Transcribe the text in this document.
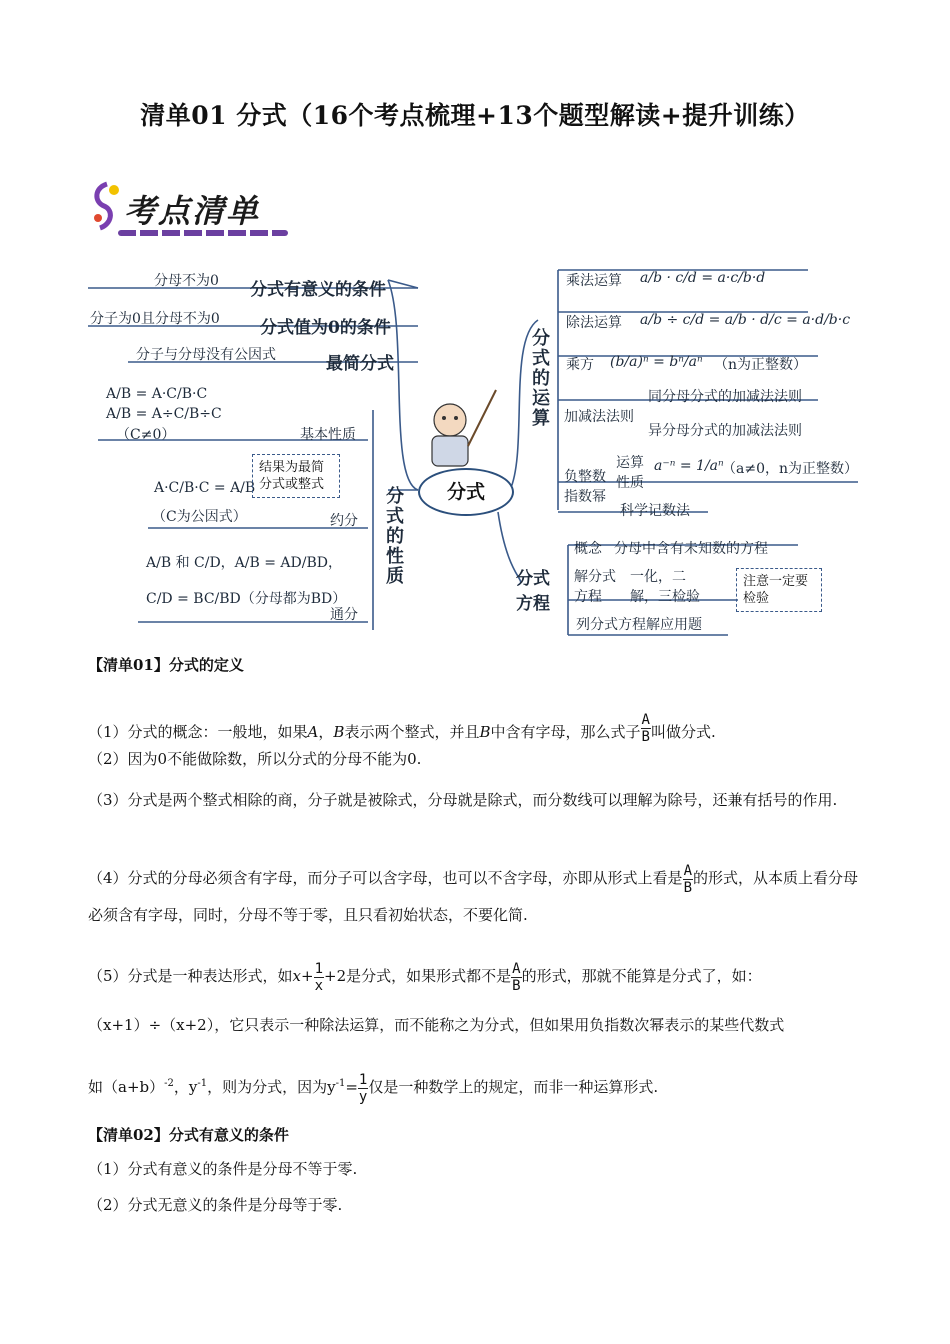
清单01 分式（16个考点梳理+13个题型解读+提升训练）
考点清单
分母不为0 分式有意义的条件
分子为0且分母不为0 分式值为0的条件
分子与分母没有公因式	最简分式
A/B = A·C/B·C
A/B = A÷C/B÷C
（C≠0）	基本性质
A·C/B·C = A/B
（C为公因式）
结果为最简分式或整式
约分
A/B 和 C/D，A/B = AD/BD，
C/D = BC/BD（分母都为BD）
通分
分式的性质	分式
分式的运算
乘法运算 a/b · c/d = a·c/b·d
除法运算 a/b ÷ c/d = a/b · d/c = a·d/b·c
乘方 (b/a)ⁿ = bⁿ/aⁿ （n为正整数）
加减法法则
同分母分式的加减法法则
异分母分式的加减法法则
负整数指数幂
运算性质
a⁻ⁿ = 1/aⁿ
（a≠0，n为正整数）
科学记数法
分式方程
概念 分母中含有未知数的方程
解分式方程
一化，二解，三检验
注意一定要检验
列分式方程解应用题
【清单01】分式的定义
（1）分式的概念：一般地，如果A，B表示两个整式，并且B中含有字母，那么式子 $\frac{A}{B}$ 叫做分式.
（2）因为0不能做除数，所以分式的分母不能为0.
（3）分式是两个整式相除的商，分子就是被除式，分母就是除式，而分数线可以理解为除号，还兼有括号的作用.
（4）分式的分母必须含有字母，而分子可以含字母，也可以不含字母，亦即从形式上看是 $\frac{A}{B}$ 的形式，从本质上看分母必须含有字母，同时，分母不等于零，且只看初始状态，不要化简.
（5）分式是一种表达形式，如$x+ \frac{1}{x} +2$是分式，如果形式都不是 $\frac{A}{B}$ 的形式，那就不能算是分式了，如：
（x+1）÷（x+2），它只表示一种除法运算，而不能称之为分式，但如果用负指数次幂表示的某些代数式
如$(a+b)^{-2}$，$y^{-1}$，则为分式，因为$y^{-1}= \frac{1}{y}$ 仅是一种数学上的规定，而非一种运算形式.
【清单02】分式有意义的条件
（1）分式有意义的条件是分母不等于零.
（2）分式无意义的条件是分母等于零.
